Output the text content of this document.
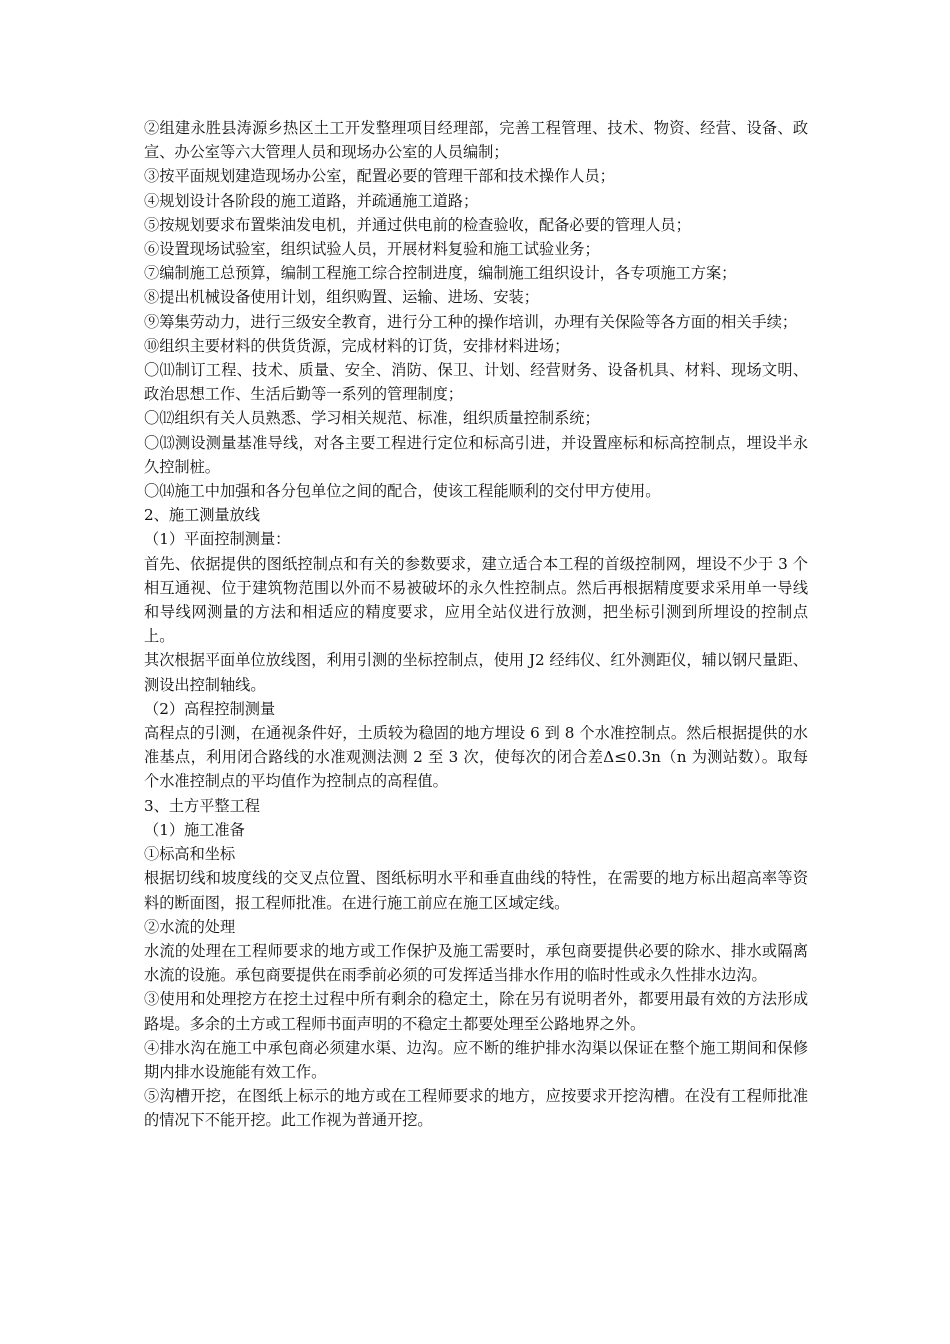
②组建永胜县涛源乡热区土工开发整理项目经理部，完善工程管理、技术、物资、经营、设备、政宣、办公室等六大管理人员和现场办公室的人员编制；

③按平面规划建造现场办公室，配置必要的管理干部和技术操作人员；

④规划设计各阶段的施工道路，并疏通施工道路；

⑤按规划要求布置柴油发电机，并通过供电前的检查验收，配备必要的管理人员；

⑥设置现场试验室，组织试验人员，开展材料复验和施工试验业务；

⑦编制施工总预算，编制工程施工综合控制进度，编制施工组织设计，各专项施工方案；

⑧提出机械设备使用计划，组织购置、运输、进场、安装；

⑨筹集劳动力，进行三级安全教育，进行分工种的操作培训，办理有关保险等各方面的相关手续；

⑩组织主要材料的供货货源，完成材料的订货，安排材料进场；

〇⑾制订工程、技术、质量、安全、消防、保卫、计划、经营财务、设备机具、材料、现场文明、政治思想工作、生活后勤等一系列的管理制度；

〇⑿组织有关人员熟悉、学习相关规范、标准，组织质量控制系统；

〇⒀测设测量基准导线，对各主要工程进行定位和标高引进，并设置座标和标高控制点，埋设半永久控制桩。

〇⒁施工中加强和各分包单位之间的配合，使该工程能顺利的交付甲方使用。

2、施工测量放线

（1）平面控制测量：

首先、依据提供的图纸控制点和有关的参数要求，建立适合本工程的首级控制网，埋设不少于 3 个相互通视、位于建筑物范围以外而不易被破坏的永久性控制点。然后再根据精度要求采用单一导线和导线网测量的方法和相适应的精度要求，应用全站仪进行放测，把坐标引测到所埋设的控制点上。

其次根据平面单位放线图，利用引测的坐标控制点，使用 J2 经纬仪、红外测距仪，辅以钢尺量距、测设出控制轴线。

（2）高程控制测量

高程点的引测，在通视条件好，土质较为稳固的地方埋设 6 到 8 个水准控制点。然后根据提供的水准基点，利用闭合路线的水准观测法测 2 至 3 次，使每次的闭合差Δ≤0.3n（n 为测站数）。取每个水准控制点的平均值作为控制点的高程值。

3、土方平整工程

（1）施工准备

①标高和坐标

根据切线和坡度线的交叉点位置、图纸标明水平和垂直曲线的特性，在需要的地方标出超高率等资料的断面图，报工程师批准。在进行施工前应在施工区域定线。

②水流的处理

水流的处理在工程师要求的地方或工作保护及施工需要时，承包商要提供必要的除水、排水或隔离水流的设施。承包商要提供在雨季前必须的可发挥适当排水作用的临时性或永久性排水边沟。

③使用和处理挖方在挖土过程中所有剩余的稳定土，除在另有说明者外，都要用最有效的方法形成路堤。多余的土方或工程师书面声明的不稳定土都要处理至公路地界之外。

④排水沟在施工中承包商必须建水渠、边沟。应不断的维护排水沟渠以保证在整个施工期间和保修期内排水设施能有效工作。

⑤沟槽开挖，在图纸上标示的地方或在工程师要求的地方，应按要求开挖沟槽。在没有工程师批准的情况下不能开挖。此工作视为普通开挖。
